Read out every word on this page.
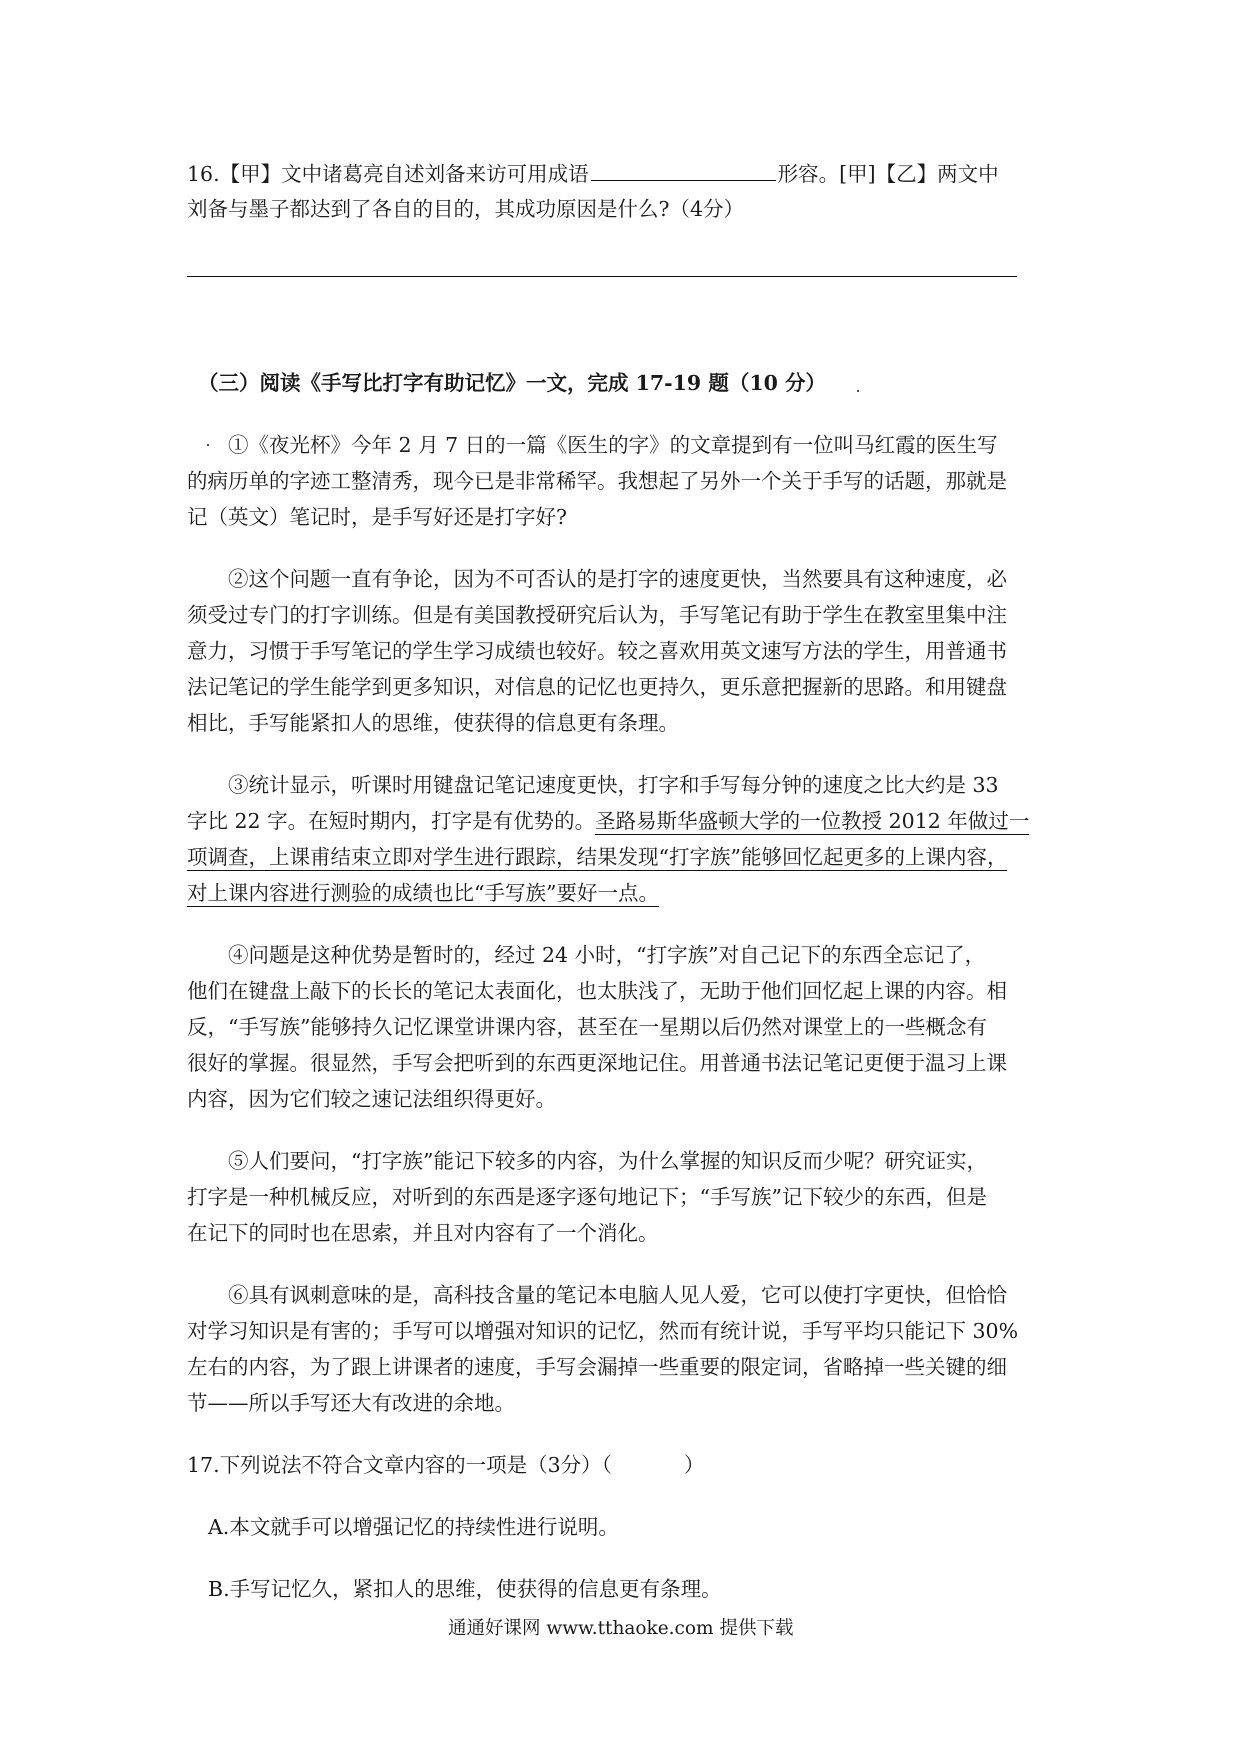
16.【甲】文中诸葛亮自述刘备来访可用成语	形容。[甲]【乙】两文中
刘备与墨子都达到了各自的目的，其成功原因是什么?（4分）
（三）阅读《手写比打字有助记忆》一文，完成 17-19 题（10 分）
①《夜光杯》今年 2 月 7 日的一篇《医生的字》的文章提到有一位叫马红霞的医生写
的病历单的字迹工整清秀，现今已是非常稀罕。我想起了另外一个关于手写的话题，那就是
记（英文）笔记时，是手写好还是打字好?
②这个问题一直有争论，因为不可否认的是打字的速度更快，当然要具有这种速度，必
须受过专门的打字训练。但是有美国教授研究后认为，手写笔记有助于学生在教室里集中注
意力，习惯于手写笔记的学生学习成绩也较好。较之喜欢用英文速写方法的学生，用普通书
法记笔记的学生能学到更多知识，对信息的记忆也更持久，更乐意把握新的思路。和用键盘
相比，手写能紧扣人的思维，使获得的信息更有条理。
③统计显示，听课时用键盘记笔记速度更快，打字和手写每分钟的速度之比大约是 33
字比 22 字。在短时期内，打字是有优势的。圣路易斯华盛顿大学的一位教授 2012 年做过一
项调查，上课甫结束立即对学生进行跟踪，结果发现“打字族”能够回忆起更多的上课内容，
对上课内容进行测验的成绩也比“手写族”要好一点。
④问题是这种优势是暂时的，经过 24 小时，“打字族”对自己记下的东西全忘记了，
他们在键盘上敲下的长长的笔记太表面化，也太肤浅了，无助于他们回忆起上课的内容。相
反，“手写族”能够持久记忆课堂讲课内容，甚至在一星期以后仍然对课堂上的一些概念有
很好的掌握。很显然，手写会把听到的东西更深地记住。用普通书法记笔记更便于温习上课
内容，因为它们较之速记法组织得更好。
⑤人们要问，“打字族”能记下较多的内容，为什么掌握的知识反而少呢？研究证实，
打字是一种机械反应，对听到的东西是逐字逐句地记下；“手写族”记下较少的东西，但是
在记下的同时也在思索，并且对内容有了一个消化。
⑥具有讽刺意味的是，高科技含量的笔记本电脑人见人爱，它可以使打字更快，但恰恰
对学习知识是有害的；手写可以增强对知识的记忆，然而有统计说，手写平均只能记下 30%
左右的内容，为了跟上讲课者的速度，手写会漏掉一些重要的限定词，省略掉一些关键的细
节——所以手写还大有改进的余地。
17.下列说法不符合文章内容的一项是（3分）（	）
A.本文就手可以增强记忆的持续性进行说明。
B.手写记忆久，紧扣人的思维，使获得的信息更有条理。
通通好课网 www.tthaoke.com 提供下载
